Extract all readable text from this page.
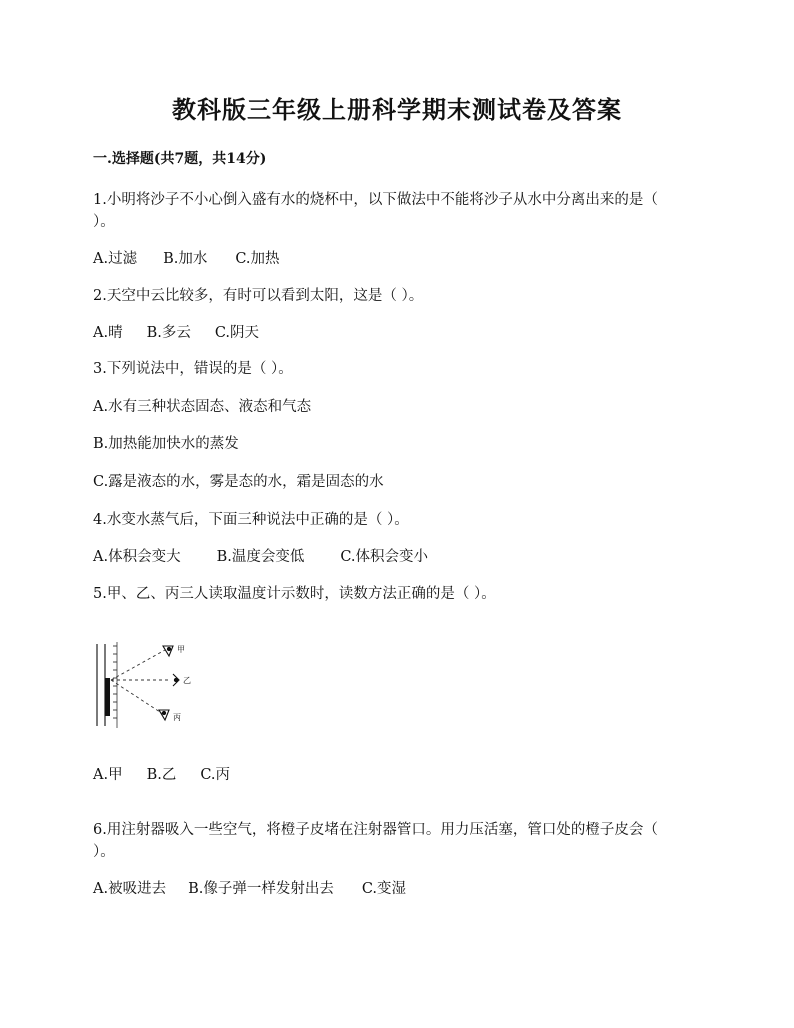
教科版三年级上册科学期末测试卷及答案
一.选择题(共7题，共14分)
1.小明将沙子不小心倒入盛有水的烧杯中，以下做法中不能将沙子从水中分离出来的是（
）。
A.过滤 B.加水 C.加热
2.天空中云比较多，有时可以看到太阳，这是（ ）。
A.晴 B.多云 C.阴天
3.下列说法中，错误的是（ ）。
A.水有三种状态固态、液态和气态
B.加热能加快水的蒸发
C.露是液态的水，雾是态的水，霜是固态的水
4.水变水蒸气后，下面三种说法中正确的是（ ）。
A.体积会变大 B.温度会变低 C.体积会变小
5.甲、乙、丙三人读取温度计示数时，读数方法正确的是（ ）。
甲
乙
丙
A.甲 B.乙 C.丙
6.用注射器吸入一些空气，将橙子皮堵在注射器管口。用力压活塞，管口处的橙子皮会（
）。
A.被吸进去 B.像子弹一样发射出去 C.变湿
